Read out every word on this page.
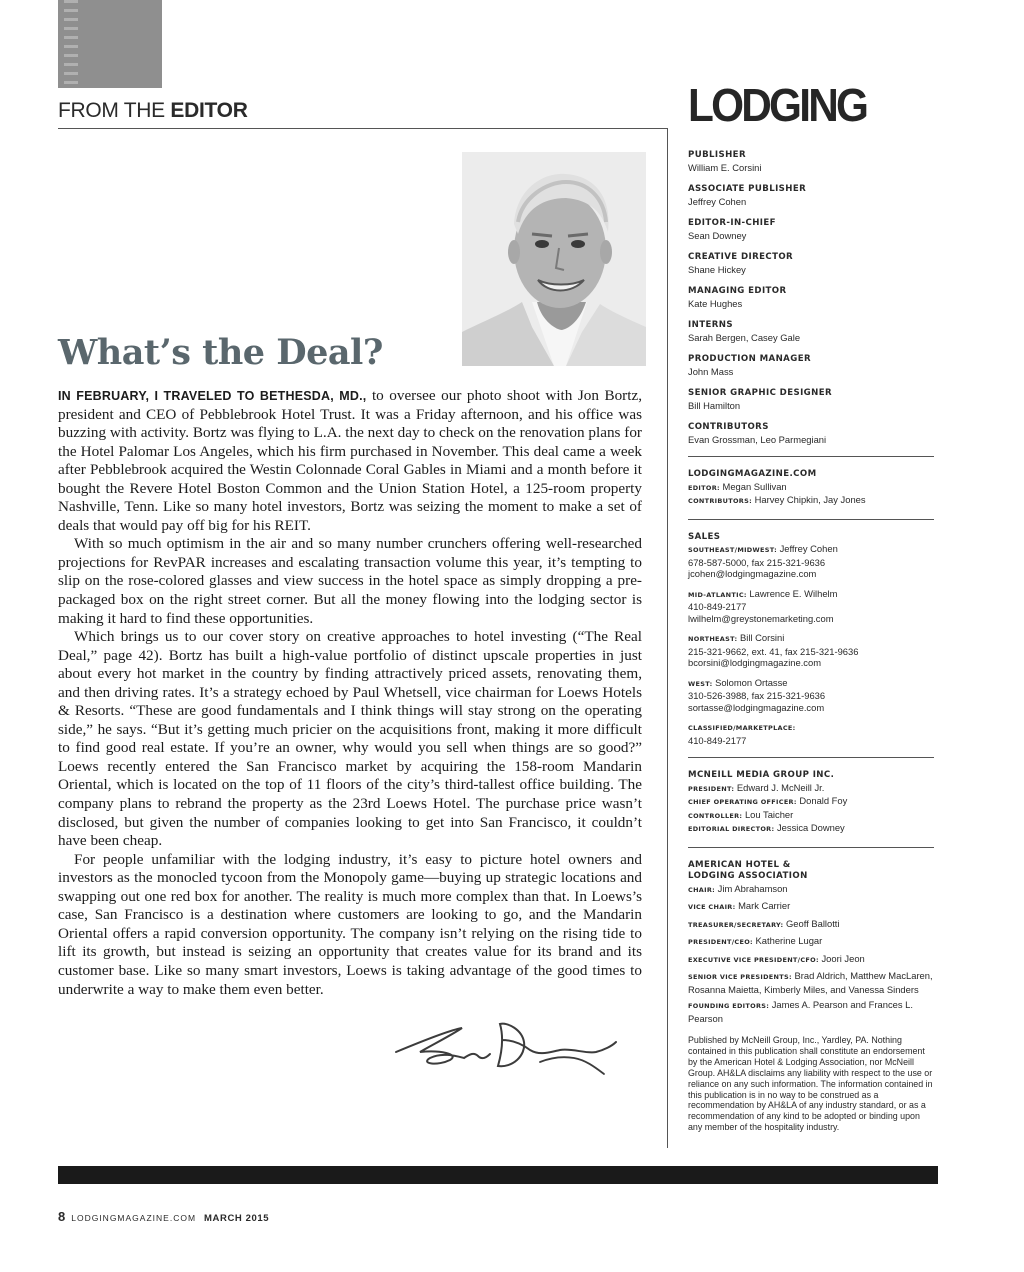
FROM THE EDITOR	LODGING
What’s the Deal?

IN FEBRUARY, I TRAVELED TO BETHESDA, MD., to oversee our photo shoot with Jon Bortz, president and CEO of Pebblebrook Hotel Trust. It was a Friday afternoon, and his office was buzzing with activity. Bortz was flying to L.A. the next day to check on the renovation plans for the Hotel Palomar Los Angeles, which his firm purchased in November. This deal came a week after Pebblebrook acquired the Westin Colonnade Coral Gables in Miami and a month before it bought the Revere Hotel Boston Common and the Union Station Hotel, a 125-room property Nashville, Tenn. Like so many hotel investors, Bortz was seizing the moment to make a set of deals that would pay off big for his REIT.

With so much optimism in the air and so many number crunchers offering well-researched projections for RevPAR increases and escalating transaction volume this year, it’s tempting to slip on the rose-colored glasses and view success in the hotel space as simply dropping a pre-packaged box on the right street corner. But all the money flowing into the lodging sector is making it hard to find these opportunities.

Which brings us to our cover story on creative approaches to hotel investing (“The Real Deal,” page 42). Bortz has built a high-value portfolio of distinct upscale properties in just about every hot market in the country by finding attractively priced assets, renovating them, and then driving rates. It’s a strategy echoed by Paul Whetsell, vice chairman for Loews Hotels & Resorts. “These are good fundamentals and I think things will stay strong on the operating side,” he says. “But it’s getting much pricier on the acquisitions front, making it more difficult to find good real estate. If you’re an owner, why would you sell when things are so good?” Loews recently entered the San Francisco market by acquiring the 158-room Mandarin Oriental, which is located on the top of 11 floors of the city’s third-tallest office building. The company plans to rebrand the property as the 23rd Loews Hotel. The purchase price wasn’t disclosed, but given the number of companies looking to get into San Francisco, it couldn’t have been cheap.

For people unfamiliar with the lodging industry, it’s easy to picture hotel owners and investors as the monocled tycoon from the Monopoly game—buying up strategic locations and swapping out one red box for another. The reality is much more complex than that. In Loews’s case, San Francisco is a destination where customers are looking to go, and the Mandarin Oriental offers a rapid conversion opportunity. The company isn’t relying on the rising tide to lift its growth, but instead is seizing an opportunity that creates value for its brand and its customer base. Like so many smart investors, Loews is taking advantage of the good times to underwrite a way to make them even better.

PUBLISHER
William E. Corsini
ASSOCIATE PUBLISHER
Jeffrey Cohen
EDITOR-IN-CHIEF
Sean Downey
CREATIVE DIRECTOR
Shane Hickey
MANAGING EDITOR
Kate Hughes
INTERNS
Sarah Bergen, Casey Gale
PRODUCTION MANAGER
John Mass
SENIOR GRAPHIC DESIGNER
Bill Hamilton
CONTRIBUTORS
Evan Grossman, Leo Parmegiani
LODGINGMAGAZINE.COM
EDITOR: Megan Sullivan
CONTRIBUTORS: Harvey Chipkin, Jay Jones
SALES
SOUTHEAST/MIDWEST: Jeffrey Cohen
678-587-5000, fax 215-321-9636
jcohen@lodgingmagazine.com
MID-ATLANTIC: Lawrence E. Wilhelm
410-849-2177
lwilhelm@greystonemarketing.com
NORTHEAST: Bill Corsini
215-321-9662, ext. 41, fax 215-321-9636
bcorsini@lodgingmagazine.com
WEST: Solomon Ortasse
310-526-3988, fax 215-321-9636
sortasse@lodgingmagazine.com
CLASSIFIED/MARKETPLACE:
410-849-2177
MCNEILL MEDIA GROUP INC.
PRESIDENT: Edward J. McNeill Jr.
CHIEF OPERATING OFFICER: Donald Foy
CONTROLLER: Lou Taicher
EDITORIAL DIRECTOR: Jessica Downey
AMERICAN HOTEL &
LODGING ASSOCIATION
CHAIR: Jim Abrahamson
VICE CHAIR: Mark Carrier
TREASURER/SECRETARY: Geoff Ballotti
PRESIDENT/CEO: Katherine Lugar
EXECUTIVE VICE PRESIDENT/CFO: Joori Jeon
SENIOR VICE PRESIDENTS: Brad Aldrich, Matthew MacLaren, Rosanna Maietta, Kimberly Miles, and Vanessa Sinders
FOUNDING EDITORS: James A. Pearson and Frances L. Pearson
Published by McNeill Group, Inc., Yardley, PA. Nothing contained in this publication shall constitute an endorsement by the American Hotel & Lodging Association, nor McNeill Group. AH&LA disclaims any liability with respect to the use or reliance on any such information. The information contained in this publication is in no way to be construed as a recommendation by AH&LA of any industry standard, or as a recommendation of any kind to be adopted or binding upon any member of the hospitality industry.
8 LODGINGMAGAZINE.COM MARCH 2015
